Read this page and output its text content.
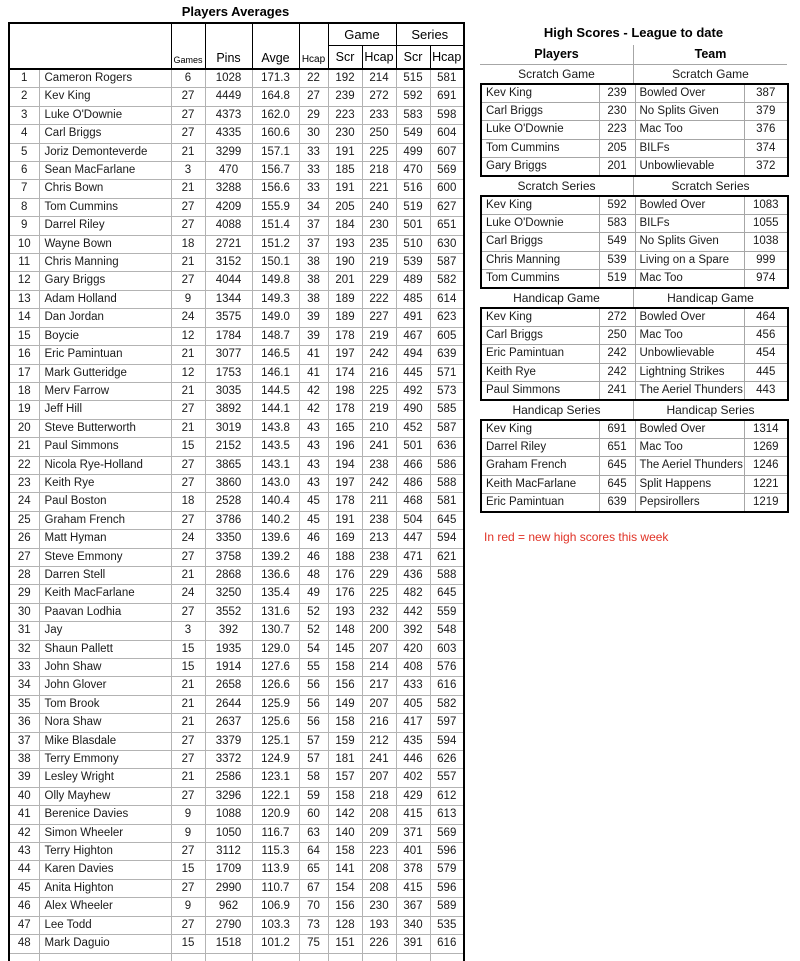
Players Averages
		Games	Pins	Avge	Hcap	Game		Series	
						Scr	Hcap	Scr	Hcap
1	Cameron Rogers	6	1028	171.3	22	192	214	515	581
2	Kev King	27	4449	164.8	27	239	272	592	691
3	Luke O'Downie	27	4373	162.0	29	223	233	583	598
4	Carl Briggs	27	4335	160.6	30	230	250	549	604
5	Joriz Demonteverde	21	3299	157.1	33	191	225	499	607
6	Sean MacFarlane	3	470	156.7	33	185	218	470	569
7	Chris Bown	21	3288	156.6	33	191	221	516	600
8	Tom Cummins	27	4209	155.9	34	205	240	519	627
9	Darrel Riley	27	4088	151.4	37	184	230	501	651
10	Wayne Bown	18	2721	151.2	37	193	235	510	630
11	Chris Manning	21	3152	150.1	38	190	219	539	587
12	Gary Briggs	27	4044	149.8	38	201	229	489	582
13	Adam Holland	9	1344	149.3	38	189	222	485	614
14	Dan Jordan	24	3575	149.0	39	189	227	491	623
15	Boycie	12	1784	148.7	39	178	219	467	605
16	Eric Pamintuan	21	3077	146.5	41	197	242	494	639
17	Mark Gutteridge	12	1753	146.1	41	174	216	445	571
18	Merv Farrow	21	3035	144.5	42	198	225	492	573
19	Jeff Hill	27	3892	144.1	42	178	219	490	585
20	Steve Butterworth	21	3019	143.8	43	165	210	452	587
21	Paul Simmons	15	2152	143.5	43	196	241	501	636
22	Nicola Rye-Holland	27	3865	143.1	43	194	238	466	586
23	Keith Rye	27	3860	143.0	43	197	242	486	588
24	Paul Boston	18	2528	140.4	45	178	211	468	581
25	Graham French	27	3786	140.2	45	191	238	504	645
26	Matt Hyman	24	3350	139.6	46	169	213	447	594
27	Steve Emmony	27	3758	139.2	46	188	238	471	621
28	Darren Stell	21	2868	136.6	48	176	229	436	588
29	Keith MacFarlane	24	3250	135.4	49	176	225	482	645
30	Paavan Lodhia	27	3552	131.6	52	193	232	442	559
31	Jay	3	392	130.7	52	148	200	392	548
32	Shaun Pallett	15	1935	129.0	54	145	207	420	603
33	John Shaw	15	1914	127.6	55	158	214	408	576
34	John Glover	21	2658	126.6	56	156	217	433	616
35	Tom Brook	21	2644	125.9	56	149	207	405	582
36	Nora Shaw	21	2637	125.6	56	158	216	417	597
37	Mike Blasdale	27	3379	125.1	57	159	212	435	594
38	Terry Emmony	27	3372	124.9	57	181	241	446	626
39	Lesley Wright	21	2586	123.1	58	157	207	402	557
40	Olly Mayhew	27	3296	122.1	59	158	218	429	612
41	Berenice Davies	9	1088	120.9	60	142	208	415	613
42	Simon Wheeler	9	1050	116.7	63	140	209	371	569
43	Terry Highton	27	3112	115.3	64	158	223	401	596
44	Karen Davies	15	1709	113.9	65	141	208	378	579
45	Anita Highton	27	2990	110.7	67	154	208	415	596
46	Alex Wheeler	9	962	106.9	70	156	230	367	589
47	Lee Todd	27	2790	103.3	73	128	193	340	535
48	Mark Daguio	15	1518	101.2	75	151	226	391	616

High Scores - League to date
Players	Team
Scratch Game	Scratch Game
Kev King	239	Bowled Over	387
Carl Briggs	230	No Splits Given	379
Luke O'Downie	223	Mac Too	376
Tom Cummins	205	BILFs	374
Gary Briggs	201	Unbowlievable	372
Scratch Series	Scratch Series
Kev King	592	Bowled Over	1083
Luke O'Downie	583	BILFs	1055
Carl Briggs	549	No Splits Given	1038
Chris Manning	539	Living on a Spare	999
Tom Cummins	519	Mac Too	974
Handicap Game	Handicap Game
Kev King	272	Bowled Over	464
Carl Briggs	250	Mac Too	456
Eric Pamintuan	242	Unbowlievable	454
Keith Rye	242	Lightning Strikes	445
Paul Simmons	241	The Aeriel Thunders	443
Handicap Series	Handicap Series
Kev King	691	Bowled Over	1314
Darrel Riley	651	Mac Too	1269
Graham French	645	The Aeriel Thunders	1246
Keith MacFarlane	645	Split Happens	1221
Eric Pamintuan	639	Pepsirollers	1219
In red = new high scores this week
